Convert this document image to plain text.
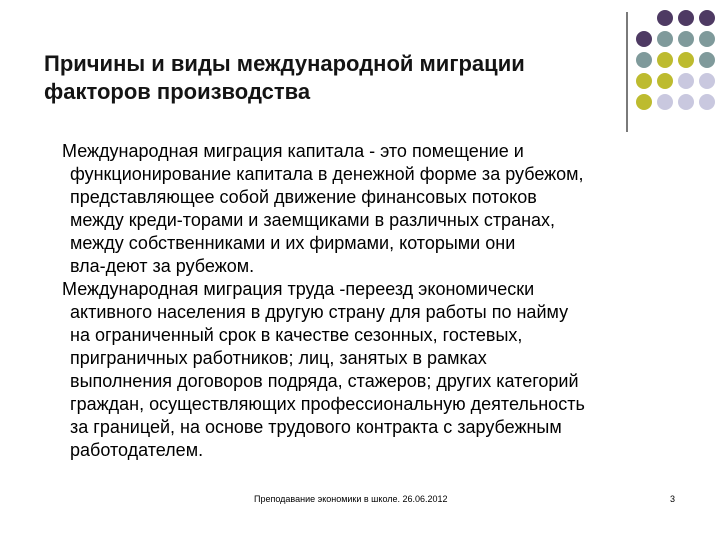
Причины и виды международной миграции
факторов производства

Международная миграция капитала - это помещение и
функционирование капитала в денежной форме за рубежом,
представляющее собой движение финансовых потоков
между креди-торами и заемщиками в различных странах,
между собственниками и их фирмами, которыми они
вла-деют за рубежом.

Международная миграция труда -переезд экономически
активного населения в другую страну для работы по найму
на ограниченный срок в качестве сезонных, гостевых,
приграничных работников; лиц, занятых в рамках
выполнения договоров подряда, стажеров; других категорий
граждан, осуществляющих профессиональную деятельность
за границей, на основе трудового контракта с зарубежным
работодателем.

Преподавание экономики в школе. 26.06.2012	3
